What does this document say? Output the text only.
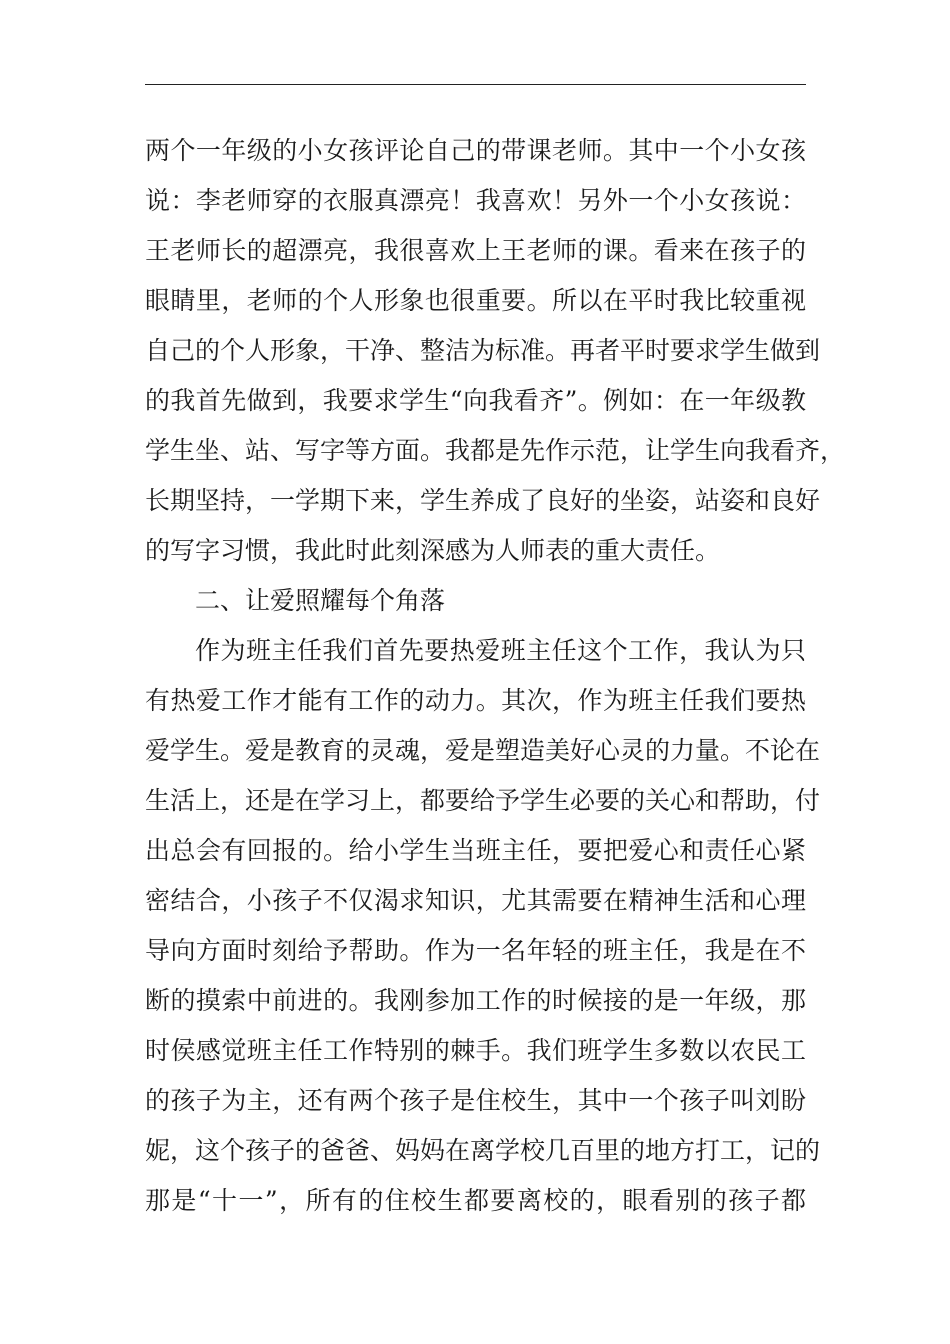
两个一年级的小女孩评论自己的带课老师。其中一个小女孩
说：李老师穿的衣服真漂亮！我喜欢！另外一个小女孩说：
王老师长的超漂亮，我很喜欢上王老师的课。看来在孩子的
眼睛里，老师的个人形象也很重要。所以在平时我比较重视
自己的个人形象，干净、整洁为标准。再者平时要求学生做到
的我首先做到，我要求学生“向我看齐”。例如：在一年级教
学生坐、站、写字等方面。我都是先作示范，让学生向我看齐，
长期坚持，一学期下来，学生养成了良好的坐姿，站姿和良好
的写字习惯，我此时此刻深感为人师表的重大责任。
二、让爱照耀每个角落
作为班主任我们首先要热爱班主任这个工作，我认为只
有热爱工作才能有工作的动力。其次，作为班主任我们要热
爱学生。爱是教育的灵魂，爱是塑造美好心灵的力量。不论在
生活上，还是在学习上，都要给予学生必要的关心和帮助，付
出总会有回报的。给小学生当班主任，要把爱心和责任心紧
密结合，小孩子不仅渴求知识，尤其需要在精神生活和心理
导向方面时刻给予帮助。作为一名年轻的班主任，我是在不
断的摸索中前进的。我刚参加工作的时候接的是一年级，那
时侯感觉班主任工作特别的棘手。我们班学生多数以农民工
的孩子为主，还有两个孩子是住校生，其中一个孩子叫刘盼
妮，这个孩子的爸爸、妈妈在离学校几百里的地方打工，记的
那是“十一”，所有的住校生都要离校的，眼看别的孩子都
